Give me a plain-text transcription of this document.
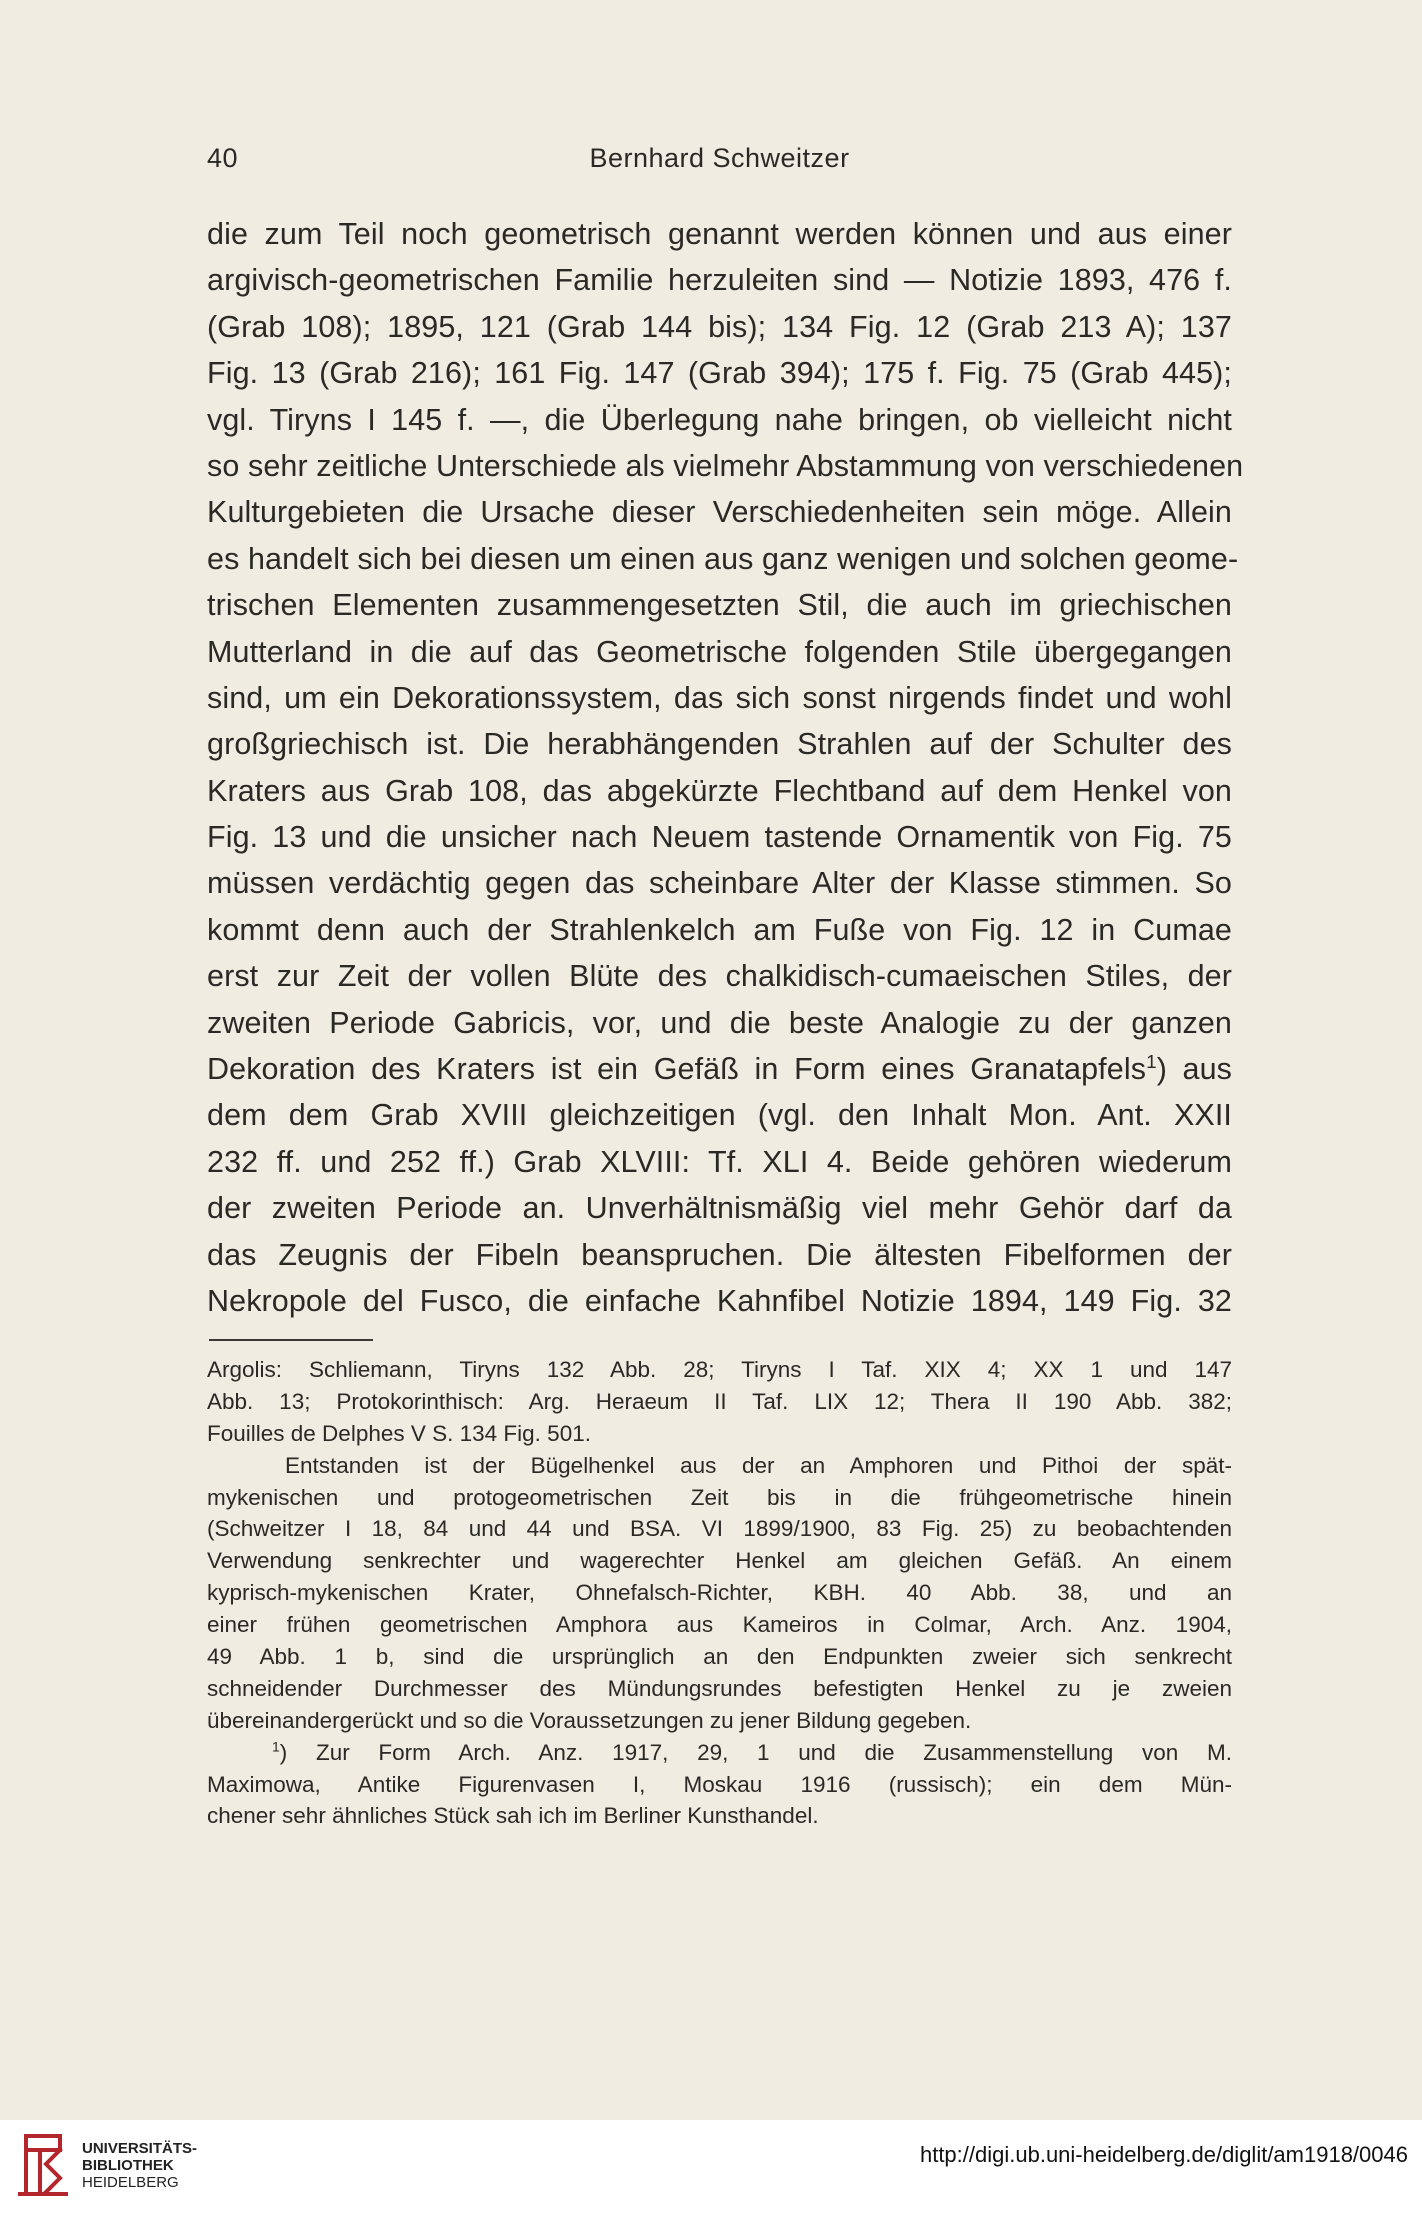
40	Bernhard Schweitzer
die zum Teil noch geometrisch genannt werden können und aus einer
argivisch-geometrischen Familie herzuleiten sind — Notizie 1893, 476 f.
(Grab 108); 1895, 121 (Grab 144 bis); 134 Fig. 12 (Grab 213 A); 137
Fig. 13 (Grab 216); 161 Fig. 147 (Grab 394); 175 f. Fig. 75 (Grab 445);
vgl. Tiryns I 145 f. —, die Überlegung nahe bringen, ob vielleicht nicht
so sehr zeitliche Unterschiede als vielmehr Abstammung von verschiedenen
Kulturgebieten die Ursache dieser Verschiedenheiten sein möge. Allein
es handelt sich bei diesen um einen aus ganz wenigen und solchen geome-
trischen Elementen zusammengesetzten Stil, die auch im griechischen
Mutterland in die auf das Geometrische folgenden Stile übergegangen
sind, um ein Dekorationssystem, das sich sonst nirgends findet und wohl
großgriechisch ist. Die herabhängenden Strahlen auf der Schulter des
Kraters aus Grab 108, das abgekürzte Flechtband auf dem Henkel von
Fig. 13 und die unsicher nach Neuem tastende Ornamentik von Fig. 75
müssen verdächtig gegen das scheinbare Alter der Klasse stimmen. So
kommt denn auch der Strahlenkelch am Fuße von Fig. 12 in Cumae
erst zur Zeit der vollen Blüte des chalkidisch-cumaeischen Stiles, der
zweiten Periode Gabricis, vor, und die beste Analogie zu der ganzen
Dekoration des Kraters ist ein Gefäß in Form eines Granatapfels$^1$) aus
dem dem Grab XVIII gleichzeitigen (vgl. den Inhalt Mon. Ant. XXII
232 ff. und 252 ff.) Grab XLVIII: Tf. XLI 4. Beide gehören wiederum
der zweiten Periode an. Unverhältnismäßig viel mehr Gehör darf da
das Zeugnis der Fibeln beanspruchen. Die ältesten Fibelformen der
Nekropole del Fusco, die einfache Kahnfibel Notizie 1894, 149 Fig. 32
Argolis: Schliemann, Tiryns 132 Abb. 28; Tiryns I Taf. XIX 4; XX 1 und 147
Abb. 13; Protokorinthisch: Arg. Heraeum II Taf. LIX 12; Thera II 190 Abb. 382;
Fouilles de Delphes V S. 134 Fig. 501.
Entstanden ist der Bügelhenkel aus der an Amphoren und Pithoi der spät-
mykenischen und protogeometrischen Zeit bis in die frühgeometrische hinein
(Schweitzer I 18, 84 und 44 und BSA. VI 1899/1900, 83 Fig. 25) zu beobachtenden
Verwendung senkrechter und wagerechter Henkel am gleichen Gefäß. An einem
kyprisch-mykenischen Krater, Ohnefalsch-Richter, KBH. 40 Abb. 38, und an
einer frühen geometrischen Amphora aus Kameiros in Colmar, Arch. Anz. 1904,
49 Abb. 1 b, sind die ursprünglich an den Endpunkten zweier sich senkrecht
schneidender Durchmesser des Mündungsrundes befestigten Henkel zu je zweien
übereinandergerückt und so die Voraussetzungen zu jener Bildung gegeben.
$^1$) Zur Form Arch. Anz. 1917, 29, 1 und die Zusammenstellung von M.
Maximowa, Antike Figurenvasen I, Moskau 1916 (russisch); ein dem Mün-
chener sehr ähnliches Stück sah ich im Berliner Kunsthandel.
UNIVERSITÄTS-
BIBLIOTHEK
HEIDELBERG
http://digi.ub.uni-heidelberg.de/diglit/am1918/0046
